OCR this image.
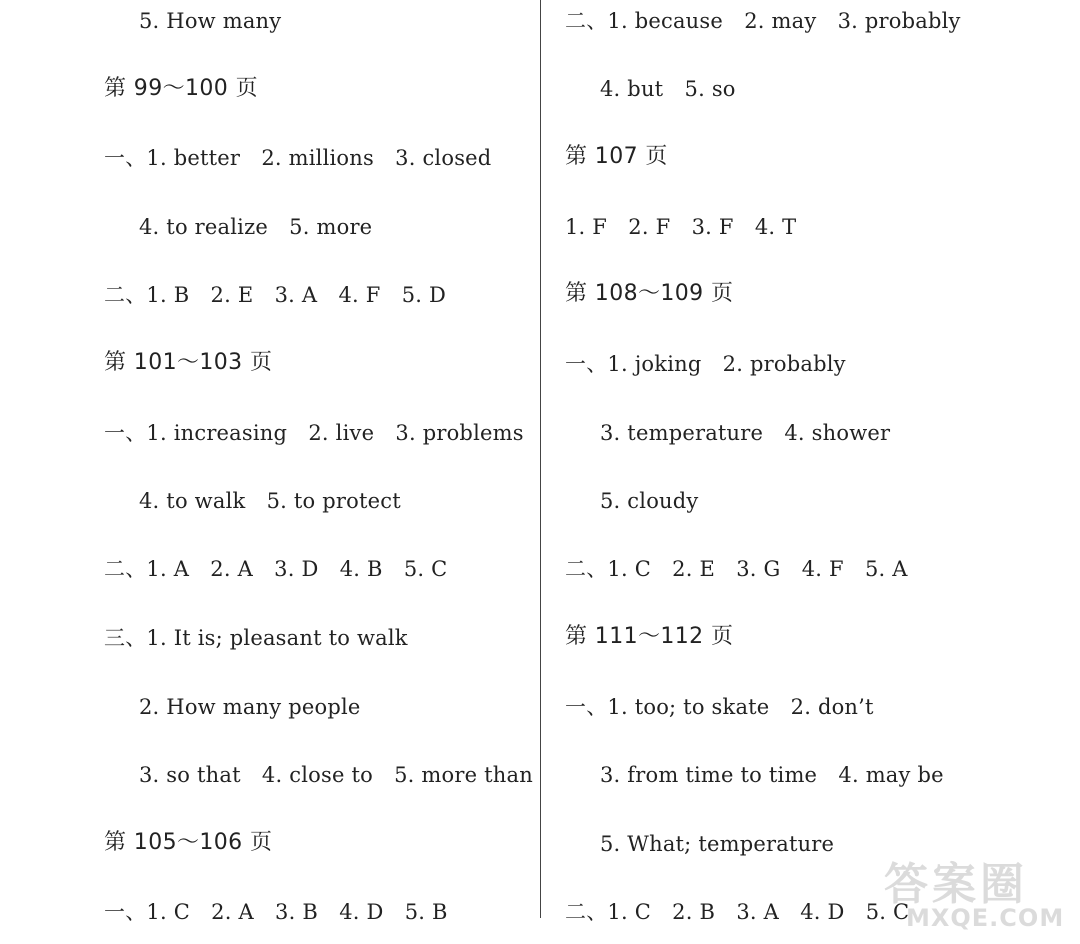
5. How many
第 99～100 页
一、1. better　2. millions　3. closed
4. to realize　5. more
二、1. B　2. E　3. A　4. F　5. D
第 101～103 页
一、1. increasing　2. live　3. problems
4. to walk　5. to protect
二、1. A　2. A　3. D　4. B　5. C
三、1. It is; pleasant to walk
2. How many people
3. so that　4. close to　5. more than
第 105～106 页
一、1. C　2. A　3. B　4. D　5. B
二、1. because　2. may　3. probably
4. but　5. so
第 107 页
1. F　2. F　3. F　4. T
第 108～109 页
一、1. joking　2. probably
3. temperature　4. shower
5. cloudy
二、1. C　2. E　3. G　4. F　5. A
第 111～112 页
一、1. too; to skate　2. don’t
3. from time to time　4. may be
5. What; temperature
二、1. C　2. B　3. A　4. D　5. C
答案圈
MXQE.COM
